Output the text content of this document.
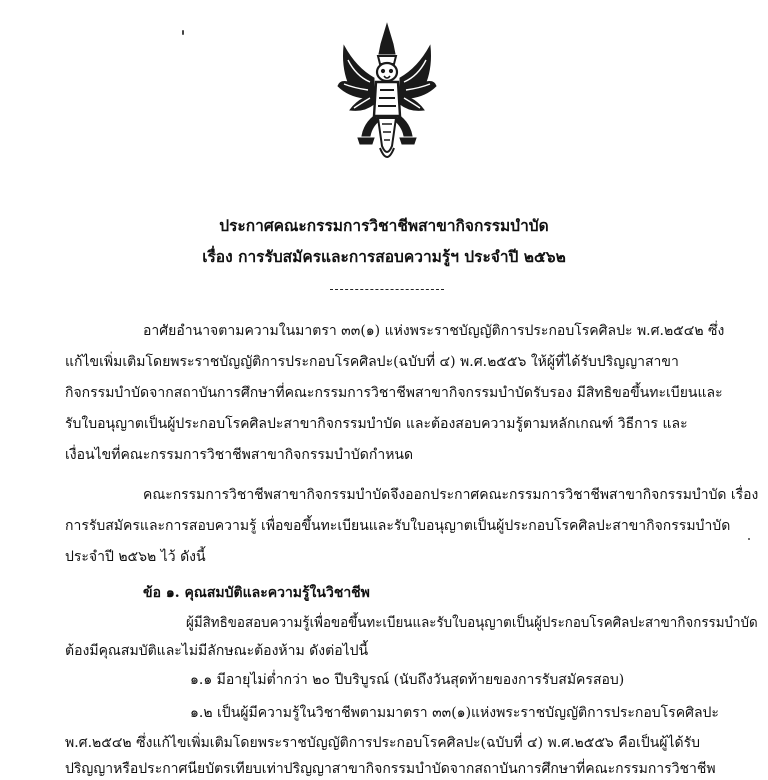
ประกาศคณะกรรมการวิชาชีพสาขากิจกรรมบำบัด
เรื่อง การรับสมัครและการสอบความรู้ฯ ประจำปี ๒๕๖๒
อาศัยอำนาจตามความในมาตรา ๓๓(๑) แห่งพระราชบัญญัติการประกอบโรคศิลปะ พ.ศ.๒๕๔๒ ซึ่ง
แก้ไขเพิ่มเติมโดยพระราชบัญญัติการประกอบโรคศิลปะ(ฉบับที่ ๔) พ.ศ.๒๕๕๖ ให้ผู้ที่ได้รับปริญญาสาขา
กิจกรรมบำบัดจากสถาบันการศึกษาที่คณะกรรมการวิชาชีพสาขากิจกรรมบำบัดรับรอง มีสิทธิขอขึ้นทะเบียนและ
รับใบอนุญาตเป็นผู้ประกอบโรคศิลปะสาขากิจกรรมบำบัด และต้องสอบความรู้ตามหลักเกณฑ์ วิธีการ และ
เงื่อนไขที่คณะกรรมการวิชาชีพสาขากิจกรรมบำบัดกำหนด
คณะกรรมการวิชาชีพสาขากิจกรรมบำบัดจึงออกประกาศคณะกรรมการวิชาชีพสาขากิจกรรมบำบัด เรื่อง
การรับสมัครและการสอบความรู้ เพื่อขอขึ้นทะเบียนและรับใบอนุญาตเป็นผู้ประกอบโรคศิลปะสาขากิจกรรมบำบัด
ประจำปี ๒๕๖๒ ไว้ ดังนี้
ข้อ ๑. คุณสมบัติและความรู้ในวิชาชีพ
ผู้มีสิทธิขอสอบความรู้เพื่อขอขึ้นทะเบียนและรับใบอนุญาตเป็นผู้ประกอบโรคศิลปะสาขากิจกรรมบำบัด
ต้องมีคุณสมบัติและไม่มีลักษณะต้องห้าม ดังต่อไปนี้
๑.๑ มีอายุไม่ต่ำกว่า ๒๐ ปีบริบูรณ์ (นับถึงวันสุดท้ายของการรับสมัครสอบ)
๑.๒ เป็นผู้มีความรู้ในวิชาชีพตามมาตรา ๓๓(๑)แห่งพระราชบัญญัติการประกอบโรคศิลปะ
พ.ศ.๒๕๔๒ ซึ่งแก้ไขเพิ่มเติมโดยพระราชบัญญัติการประกอบโรคศิลปะ(ฉบับที่ ๔) พ.ศ.๒๕๕๖ คือเป็นผู้ได้รับ
ปริญญาหรือประกาศนียบัตรเทียบเท่าปริญญาสาขากิจกรรมบำบัดจากสถาบันการศึกษาที่คณะกรรมการวิชาชีพ
